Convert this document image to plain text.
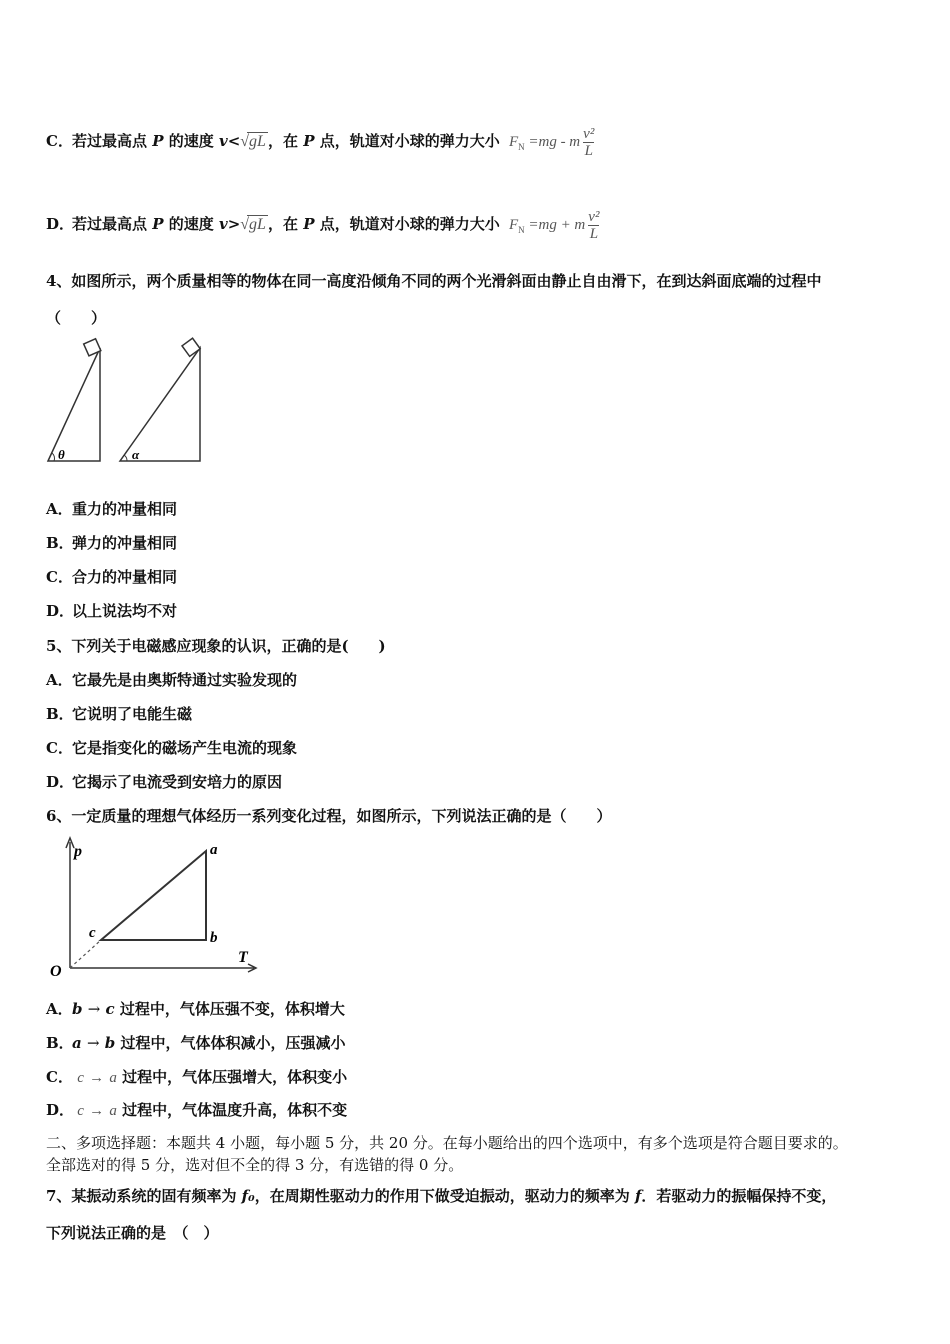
C．若过最高点 P 的速度 v<√gL ，在 P 点，轨道对小球的弹力大小 $F_N =mg - m \frac{\text{v²}}{L}$
D．若过最高点 P 的速度 v>√gL ，在 P 点，轨道对小球的弹力大小 $F_N =mg + m \frac{\text{v²}}{L}$
4、如图所示，两个质量相等的物体在同一高度沿倾角不同的两个光滑斜面由静止自由滑下，在到达斜面底端的过程中
（　　）
θ	α
A．重力的冲量相同
B．弹力的冲量相同
C．合力的冲量相同
D．以上说法均不对
5、下列关于电磁感应现象的认识，正确的是(　　)
A．它最先是由奥斯特通过实验发现的
B．它说明了电能生磁
C．它是指变化的磁场产生电流的现象
D．它揭示了电流受到安培力的原因
6、一定质量的理想气体经历一系列变化过程，如图所示，下列说法正确的是（　　）
p
T
O
a
b
c
A．b → c 过程中，气体压强不变，体积增大
B．a → b 过程中，气体体积减小，压强减小
C． c → a 过程中，气体压强增大，体积变小
D． c → a 过程中，气体温度升高，体积不变
二、多项选择题：本题共 4 小题，每小题 5 分，共 20 分。在每小题给出的四个选项中，有多个选项是符合题目要求的。
全部选对的得 5 分，选对但不全的得 3 分，有选错的得 0 分。
7、某振动系统的固有频率为 f₀，在周期性驱动力的作用下做受迫振动，驱动力的频率为 f．若驱动力的振幅保持不变，
下列说法正确的是　（　）
